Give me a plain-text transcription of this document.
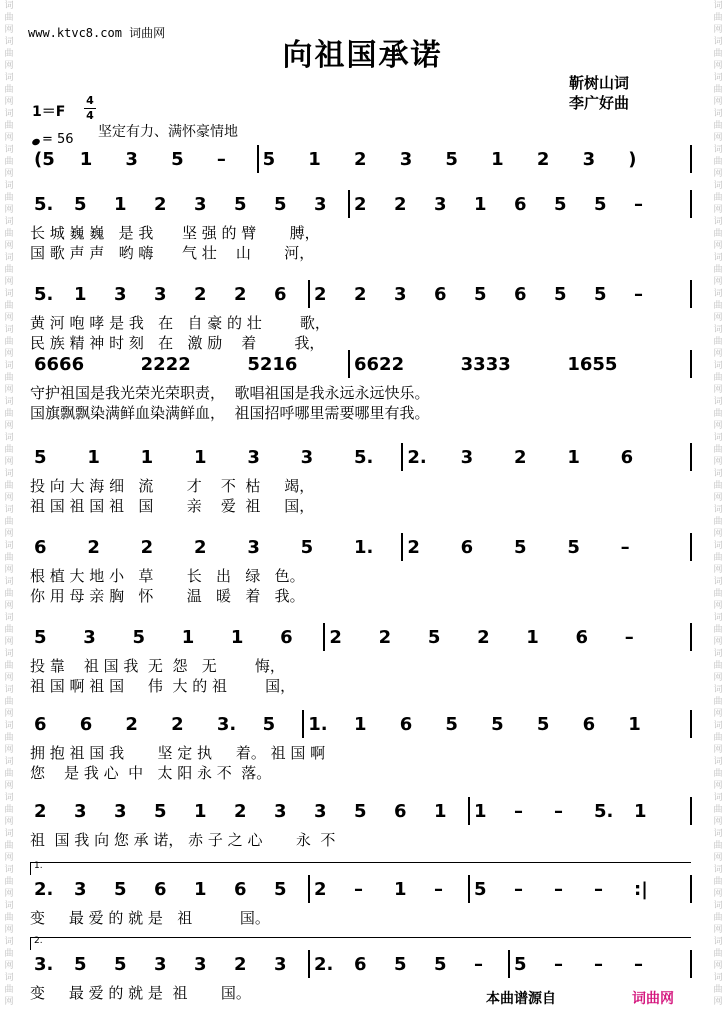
词
曲
网
词
曲
网
词
曲
网
词
曲
网
词
曲
网
词
曲
网
词
曲
网
词
曲
网
词
曲
网
词
曲
网
词
曲
网
词
曲
网
词
曲
网
词
曲
网
词
曲
网
词
曲
网
词
曲
网
词
曲
网
词
曲
网
词
曲
网
词
曲
网
词
曲
网
词
曲
网
词
曲
网
词
曲
网
词
曲
网
词
曲
网
词
曲
网
词
曲
网
词
曲
网
词
曲
网
词
曲
网
词
曲
网
词
曲
网
词
曲
网
词
曲
网
词
曲
网
词
曲
网
词
曲
网
词
曲
网
词
曲
网
词
曲
网
词
曲
网
词
曲
网
词
曲
网
词
曲
网
词
曲
网
词
曲
网
词
曲
网
词
曲
网
词
曲
网
词
曲
网
词
曲
网
词
曲
网
词
曲
网
词
曲
网
www.ktvc8.com 词曲网
向祖国承诺
靳树山词
李广好曲
1＝F
4
4
坚定有力、满怀豪情地
= 56
(5 1 3 5 – 5 1 2 3 5 1 2 3 )
5. 5 1 2 3 5 5 3 2 2 3 1 6 5 5 –
长 城 巍 巍   是 我      坚 强 的 臂       膊，
国 歌 声 声   哟 嗨      气 壮    山       河，
5. 1 3 3 2 2 6 2 2 3 6 5 6 5 5 –
黄 河 咆 哮 是 我   在   自 豪 的 壮        歌，
民 族 精 神 时 刻   在   激 励    着        我，
6666	2222	5216	6622	3333	1655
守护祖国是我光荣光荣职责，  歌唱祖国是我永远永远快乐。
国旗飘飘染满鲜血染满鲜血，  祖国招呼哪里需要哪里有我。
5 1 1 1 3 3 5. 2. 3 2 1 6
投 向 大 海 细   流       才    不  枯     竭，
祖 国 祖 国 祖   国       亲    爱  祖     国，
6 2 2 2 3 5 1. 2 6 5 5 –
根 植 大 地 小   草       长   出   绿   色。
你 用 母 亲 胸   怀       温   暖   着   我。
5 3 5 1 1 6 2 2 5 2 1 6 –
投 靠    祖 国 我  无  怨   无        悔，
祖 国 啊 祖 国     伟  大 的 祖        国，
6 6 2 2 3. 5 1. 1 6 5 5 5 6 1
拥 抱 祖 国 我       坚 定 执     着。 祖 国 啊
您    是 我 心  中   太 阳 永 不  落。
2 3 3 5 1 2 3 3 5 6 1 1 – – 5. 1
祖  国 我 向 您 承 诺， 赤 子 之 心       永  不
2. 3 5 6 1 6 5 2 – 1 – 5 – – – :|
变     最 爱 的 就 是   祖          国。
3. 5 5 3 3 2 3 2. 6 5 5 – 5 – – –
变     最 爱 的 就 是  祖       国。
1.
2.
本曲谱源自	词曲网
